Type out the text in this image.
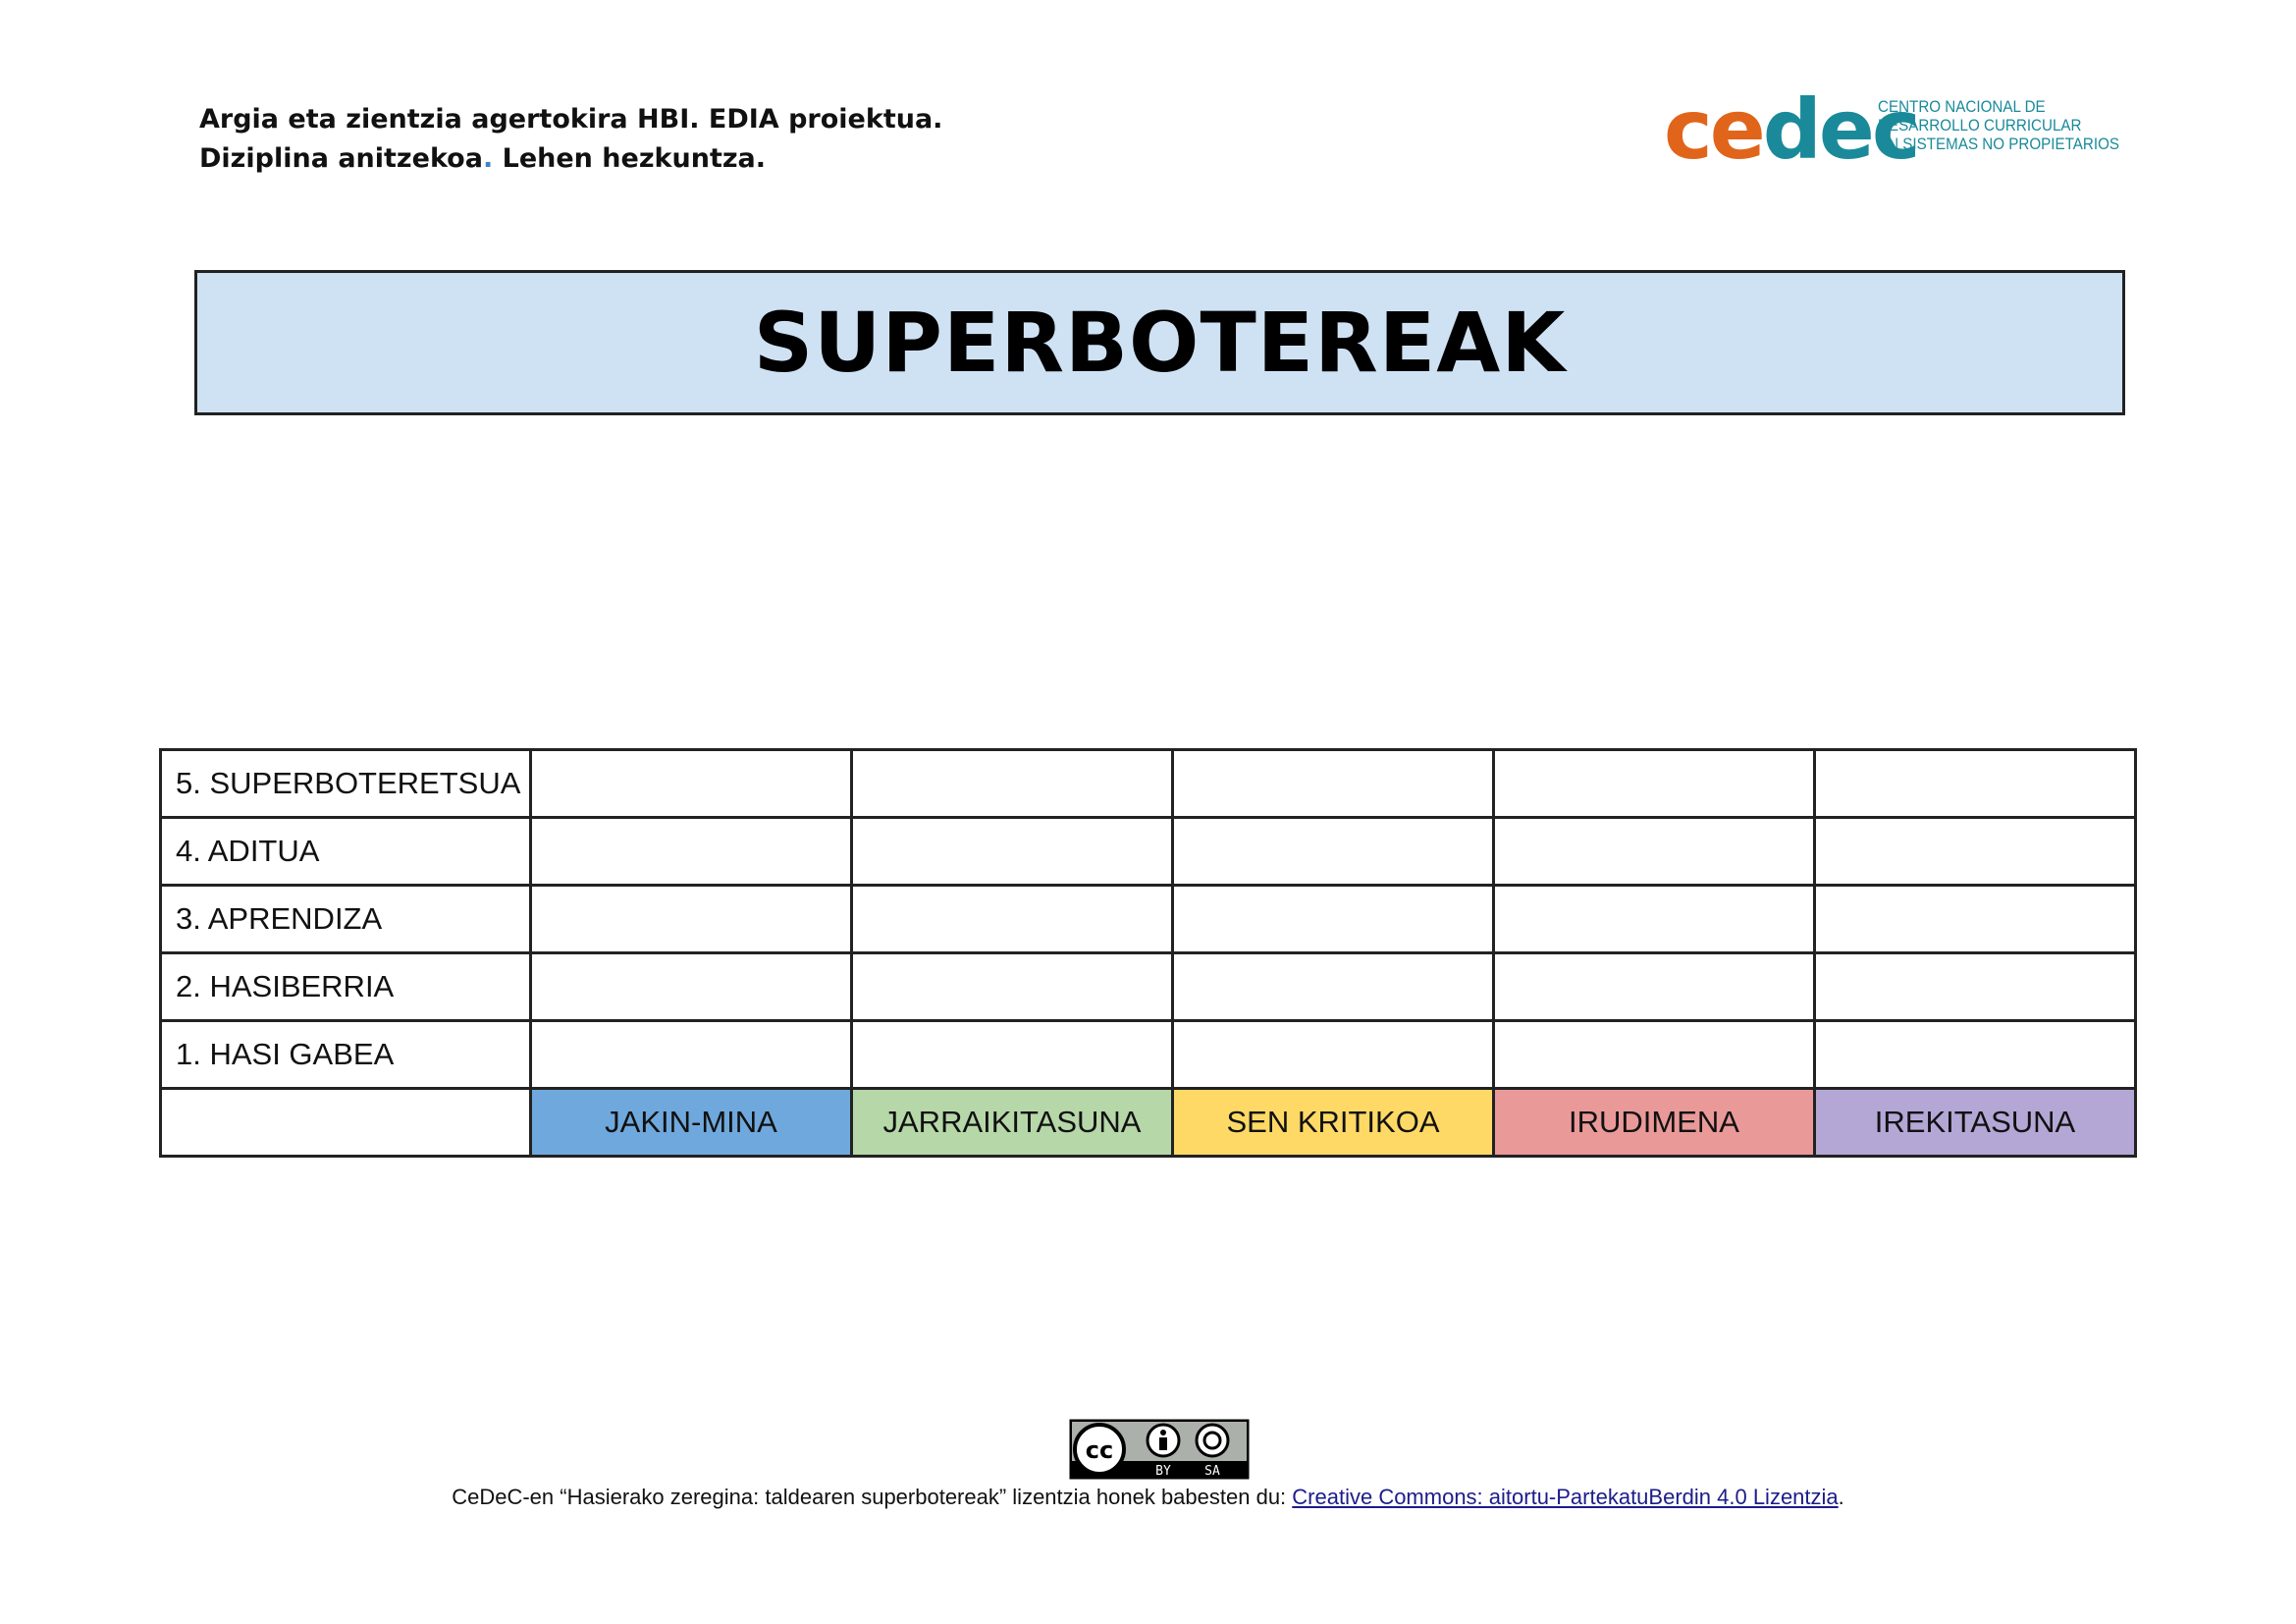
Argia eta zientzia agertokira HBI. EDIA proiektua.
Diziplina anitzekoa. Lehen hezkuntza.	cedec
CENTRO NACIONAL DE
DESARROLLO CURRICULAR
EN SISTEMAS NO PROPIETARIOS
SUPERBOTEREAK
5. SUPERBOTERETSUA					
4. ADITUA					
3. APRENDIZA					
2. HASIBERRIA					
1. HASI GABEA					
	JAKIN-MINA	JARRAIKITASUNA	SEN KRITIKOA	IRUDIMENA	IREKITASUNA
cc
BY	SA
CeDeC-en “Hasierako zeregina: taldearen superbotereak” lizentzia honek babesten du: Creative Commons: aitortu-PartekatuBerdin 4.0 Lizentzia.
